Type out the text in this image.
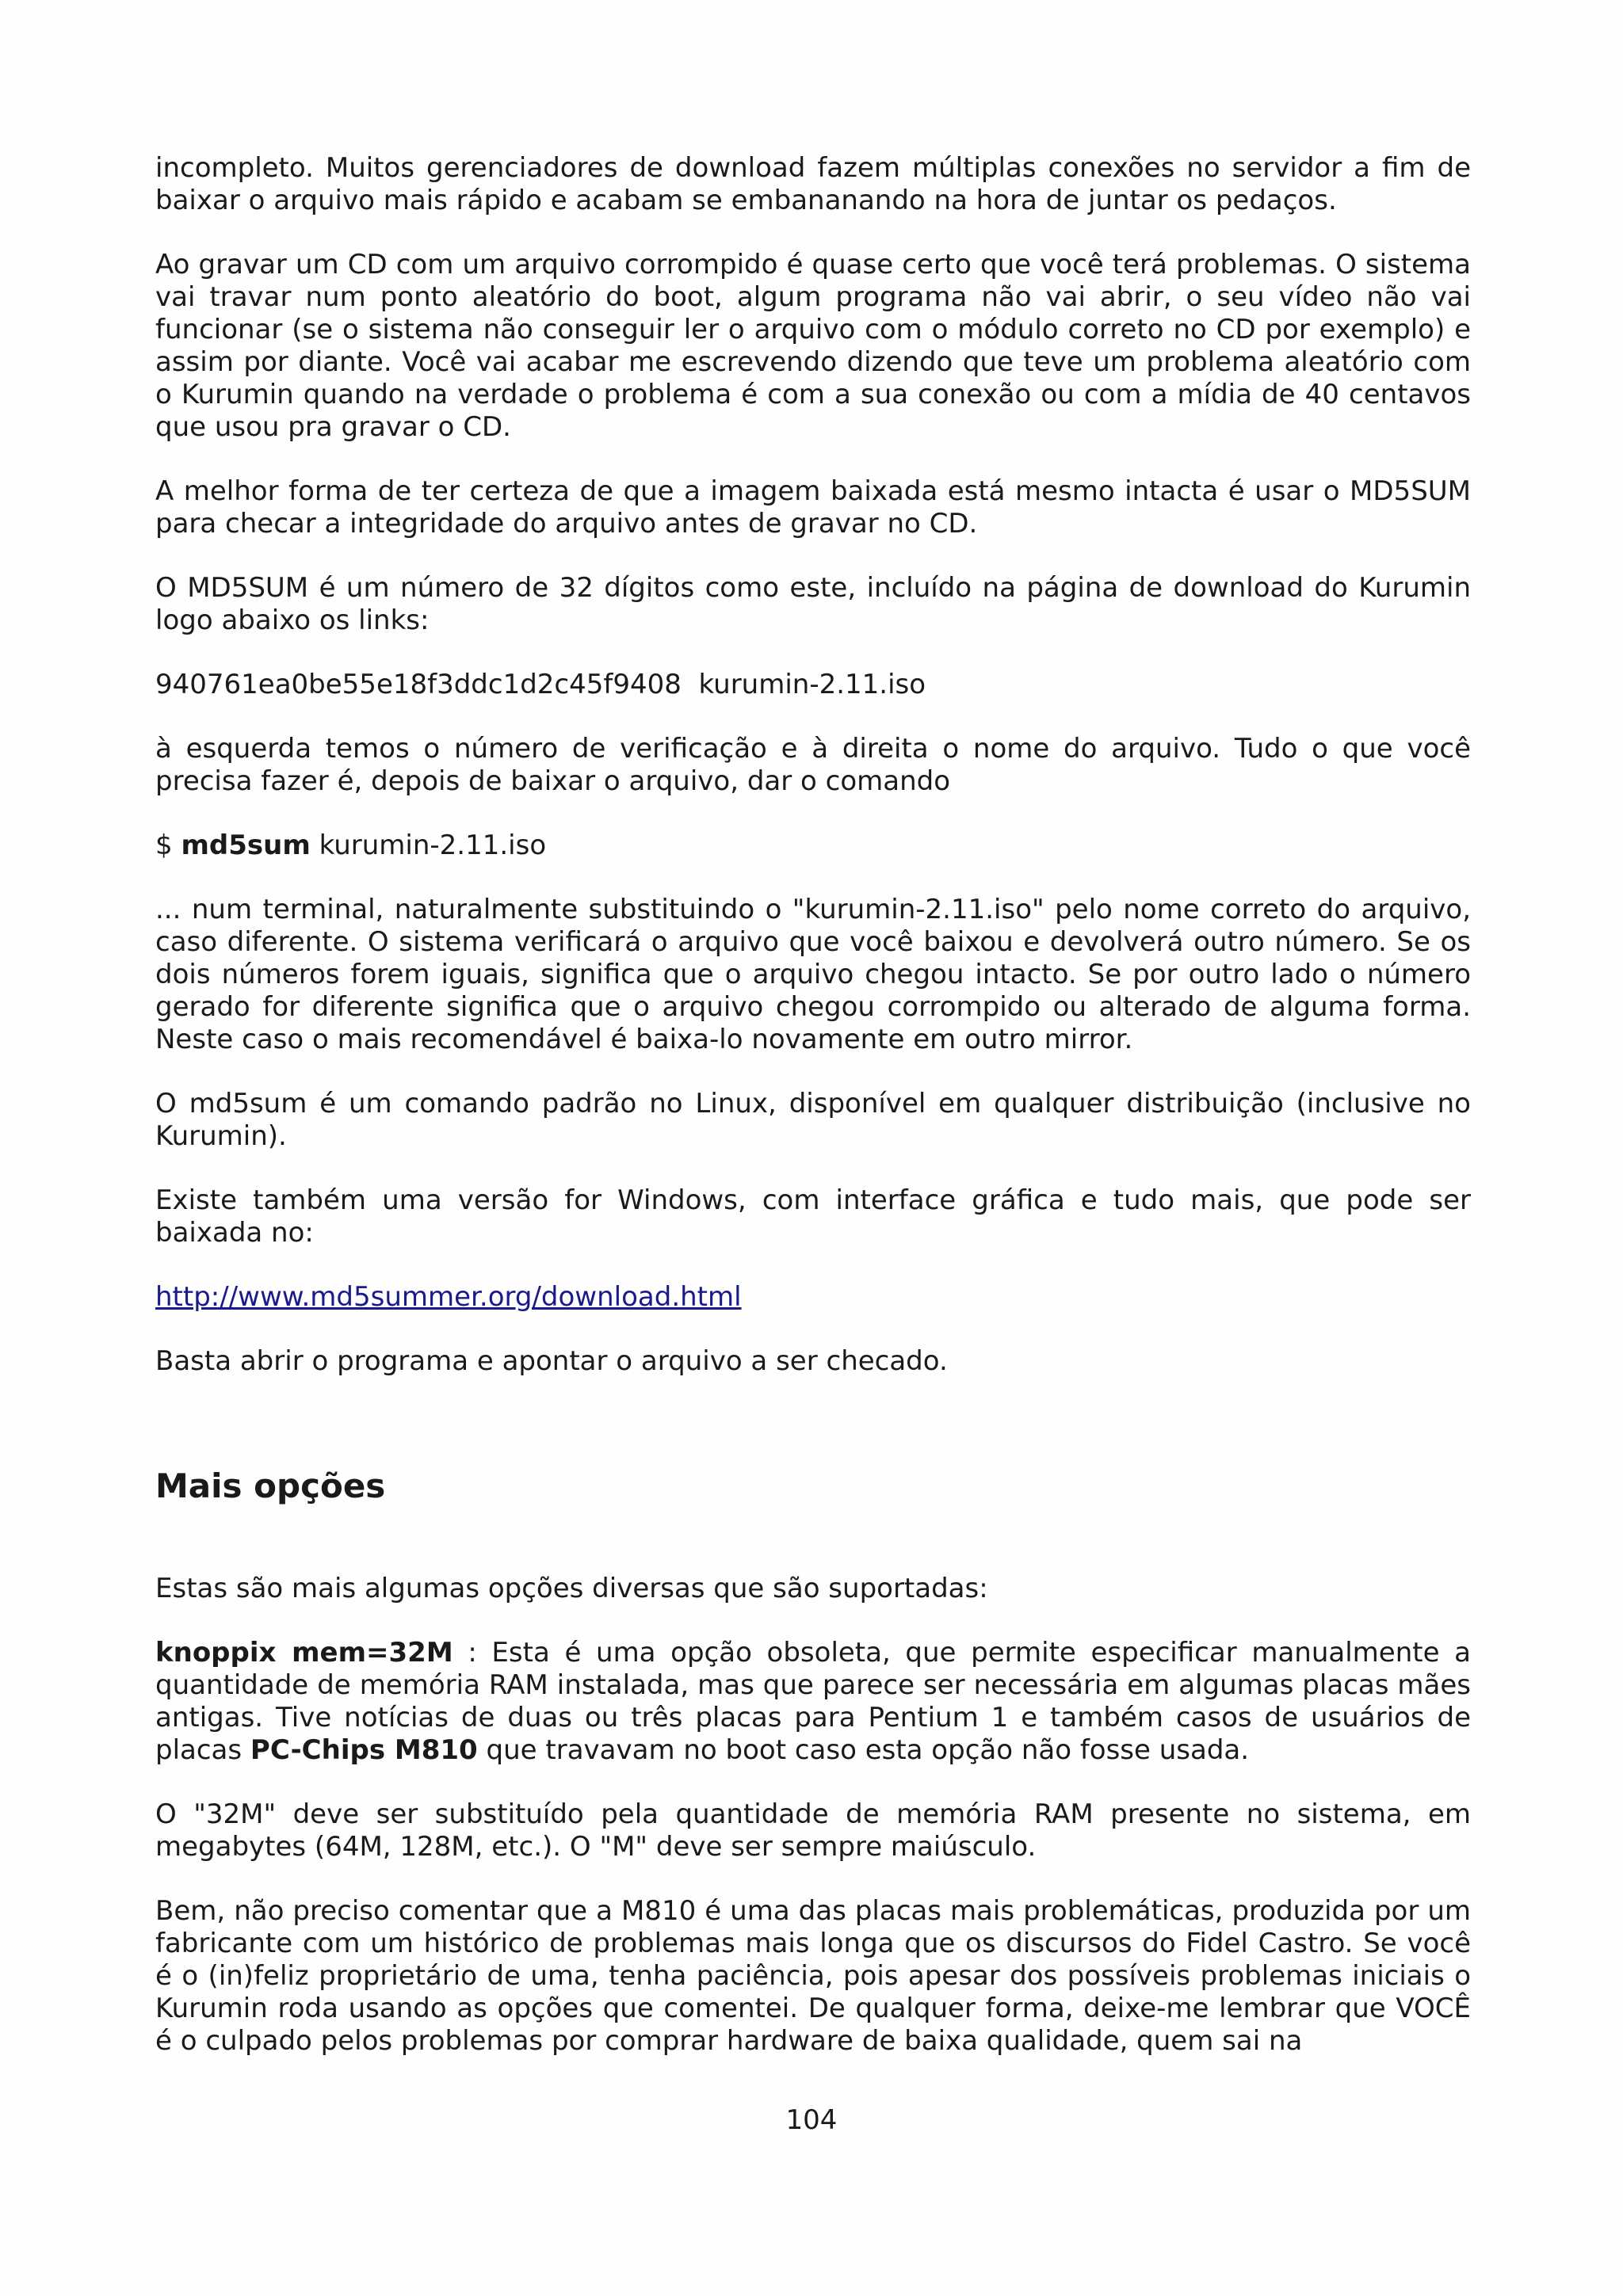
incompleto. Muitos gerenciadores de download fazem múltiplas conexões no servidor a fim de baixar o arquivo mais rápido e acabam se embananando na hora de juntar os pedaços.

Ao gravar um CD com um arquivo corrompido é quase certo que você terá problemas. O sistema vai travar num ponto aleatório do boot, algum programa não vai abrir, o seu vídeo não vai funcionar (se o sistema não conseguir ler o arquivo com o módulo correto no CD por exemplo) e assim por diante. Você vai acabar me escrevendo dizendo que teve um problema aleatório com o Kurumin quando na verdade o problema é com a sua conexão ou com a mídia de 40 centavos que usou pra gravar o CD.

A melhor forma de ter certeza de que a imagem baixada está mesmo intacta é usar o MD5SUM para checar a integridade do arquivo antes de gravar no CD.

O MD5SUM é um número de 32 dígitos como este, incluído na página de download do Kurumin logo abaixo os links:

940761ea0be55e18f3ddc1d2c45f9408  kurumin-2.11.iso

à esquerda temos o número de verificação e à direita o nome do arquivo. Tudo o que você precisa fazer é, depois de baixar o arquivo, dar o comando

$ md5sum kurumin-2.11.iso

... num terminal, naturalmente substituindo o "kurumin-2.11.iso" pelo nome correto do arquivo, caso diferente. O sistema verificará o arquivo que você baixou e devolverá outro número. Se os dois números forem iguais, significa que o arquivo chegou intacto. Se por outro lado o número gerado for diferente significa que o arquivo chegou corrompido ou alterado de alguma forma. Neste caso o mais recomendável é baixa-lo novamente em outro mirror.

O md5sum é um comando padrão no Linux, disponível em qualquer distribuição (inclusive no Kurumin).

Existe também uma versão for Windows, com interface gráfica e tudo mais, que pode ser baixada no:

http://www.md5summer.org/download.html

Basta abrir o programa e apontar o arquivo a ser checado.

Mais opções

Estas são mais algumas opções diversas que são suportadas:

knoppix mem=32M : Esta é uma opção obsoleta, que permite especificar manualmente a quantidade de memória RAM instalada, mas que parece ser necessária em algumas placas mães antigas. Tive notícias de duas ou três placas para Pentium 1 e também casos de usuários de placas PC-Chips M810 que travavam no boot caso esta opção não fosse usada.

O "32M" deve ser substituído pela quantidade de memória RAM presente no sistema, em megabytes (64M, 128M, etc.). O "M" deve ser sempre maiúsculo.

Bem, não preciso comentar que a M810 é uma das placas mais problemáticas, produzida por um fabricante com um histórico de problemas mais longa que os discursos do Fidel Castro. Se você é o (in)feliz proprietário de uma, tenha paciência, pois apesar dos possíveis problemas iniciais o Kurumin roda usando as opções que comentei. De qualquer forma, deixe-me lembrar que VOCÊ é o culpado pelos problemas por comprar hardware de baixa qualidade, quem sai na

104
